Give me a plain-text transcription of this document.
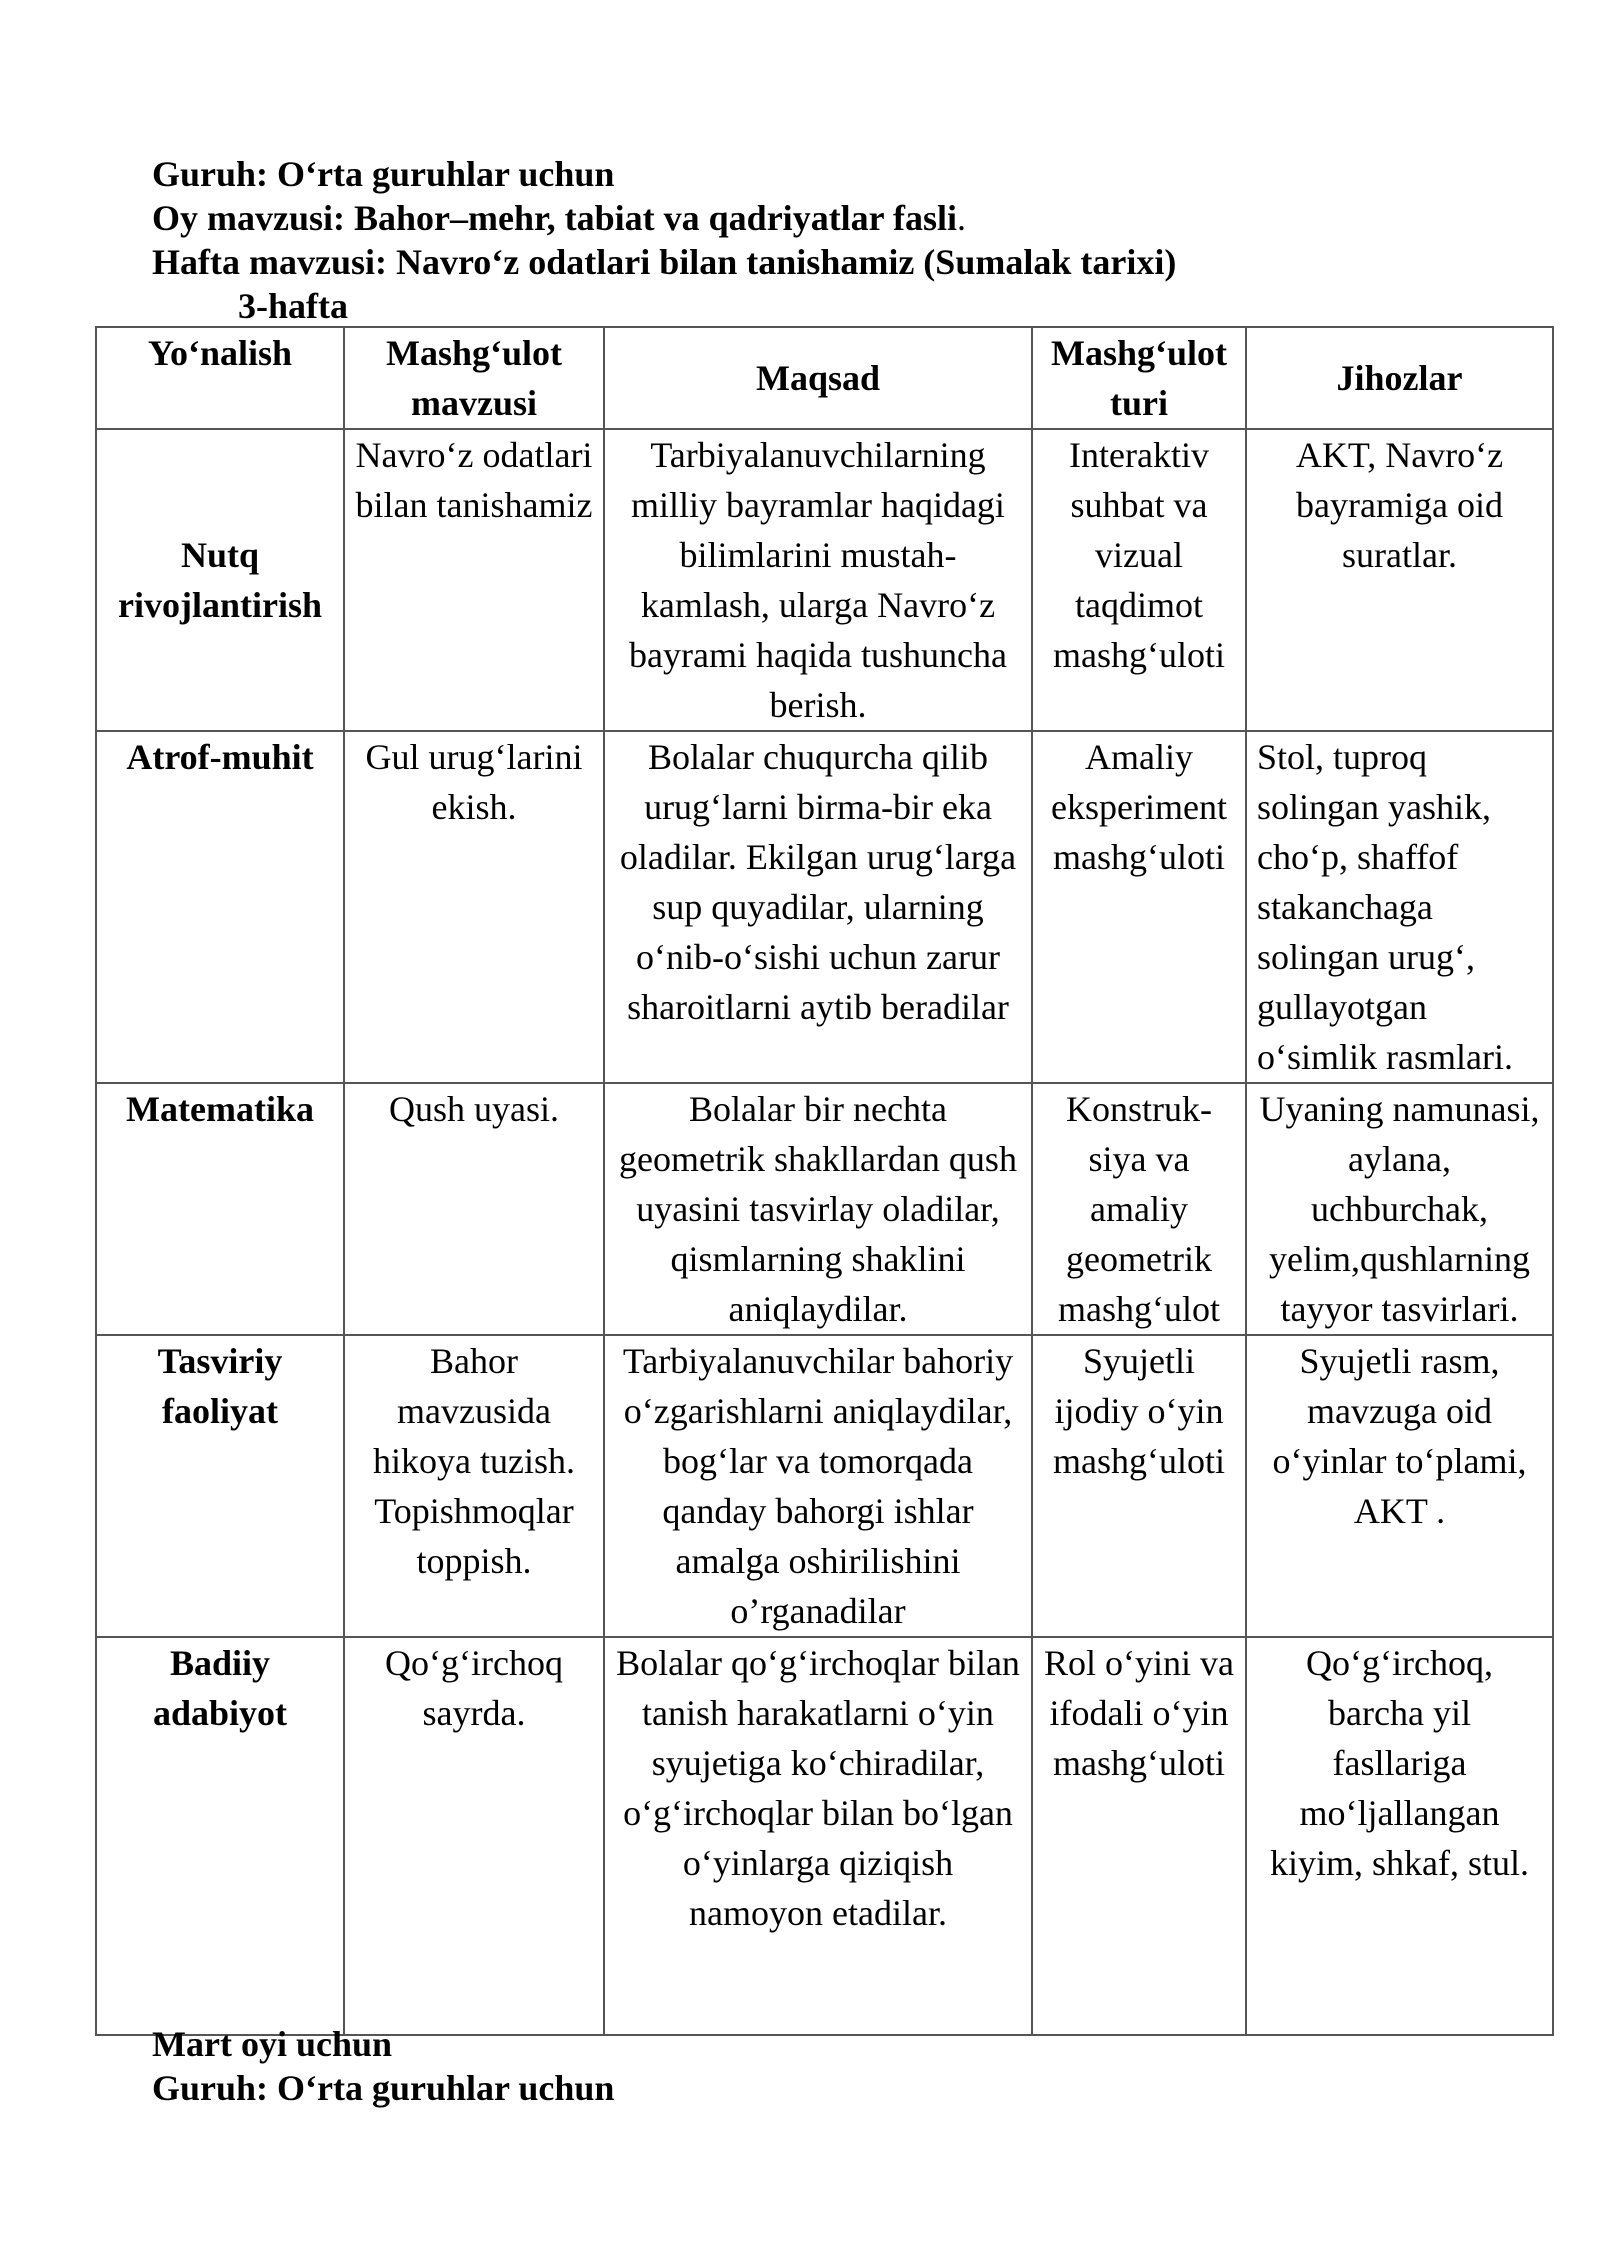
Guruh: O‘rta guruhlar uchun
Oy mavzusi: Bahor–mehr, tabiat va qadriyatlar fasli.
Hafta mavzusi: Navro‘z odatlari bilan tanishamiz (Sumalak tarixi)
3-hafta
Yo‘nalish	Mashg‘ulot mavzusi	Maqsad	Mashg‘ulot turi	Jihozlar
Nutq rivojlantirish	Navro‘z odatlari bilan tanishamiz	Tarbiyalanuvchilarning milliy bayramlar haqidagi bilimlarini mustah- kamlash, ularga Navro‘z bayrami haqida tushuncha berish.	Interaktiv suhbat va vizual taqdimot mashg‘uloti	AKT, Navro‘z bayramiga oid suratlar.
Atrof-muhit	Gul urug‘larini ekish.	Bolalar chuqurcha qilib urug‘larni birma-bir eka oladilar. Ekilgan urug‘larga sup quyadilar, ularning o‘nib-o‘sishi uchun zarur sharoitlarni aytib beradilar	Amaliy eksperiment mashg‘uloti	Stol, tuproq solingan yashik, cho‘p, shaffof stakanchaga solingan urug‘, gullayotgan o‘simlik rasmlari.
Matematika	Qush uyasi.	Bolalar bir nechta geometrik shakllardan qush uyasini tasvirlay oladilar, qismlarning shaklini aniqlaydilar.	Konstruk- siya va amaliy geometrik mashg‘ulot	Uyaning namunasi, aylana, uchburchak, yelim,qushlarning tayyor tasvirlari.
Tasviriy faoliyat	Bahor mavzusida hikoya tuzish. Topishmoqlar toppish.	Tarbiyalanuvchilar bahoriy o‘zgarishlarni aniqlaydilar, bog‘lar va tomorqada qanday bahorgi ishlar amalga oshirilishini o’rganadilar	Syujetli ijodiy o‘yin mashg‘uloti	Syujetli rasm, mavzuga oid o‘yinlar to‘plami, AKT .
Badiiy adabiyot	Qo‘g‘irchoq sayrda.	Bolalar qo‘g‘irchoqlar bilan tanish harakatlarni o‘yin syujetiga ko‘chiradilar, o‘g‘irchoqlar bilan bo‘lgan o‘yinlarga qiziqish namoyon etadilar.	Rol o‘yini va ifodali o‘yin mashg‘uloti	Qo‘g‘irchoq, barcha yil fasllariga mo‘ljallangan kiyim, shkaf, stul.
Mart oyi uchun
Guruh: O‘rta guruhlar uchun
